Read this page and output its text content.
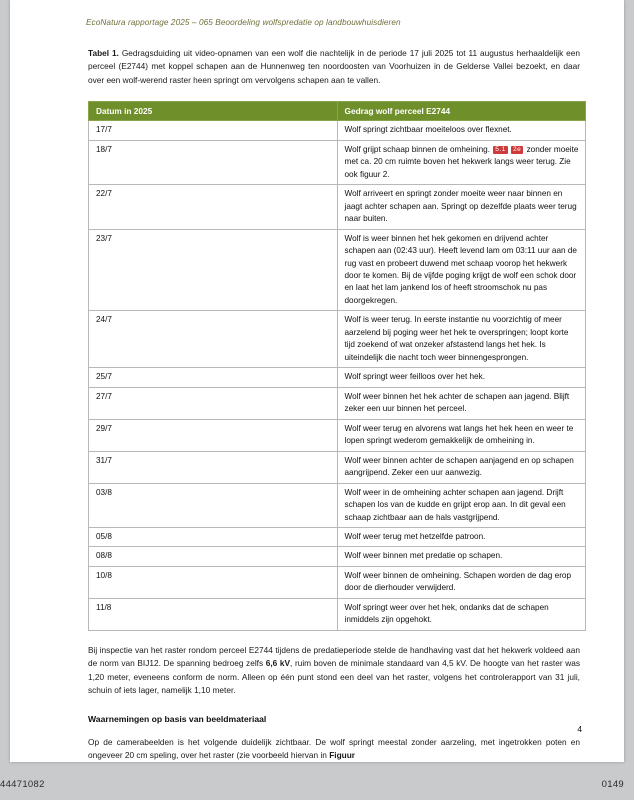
EcoNatura rapportage 2025 – 065 Beoordeling wolfspredatie op landbouwhuisdieren
Tabel 1. Gedragsduiding uit video-opnamen van een wolf die nachtelijk in de periode 17 juli 2025 tot 11 augustus herhaaldelijk een perceel (E2744) met koppel schapen aan de Hunnenweg ten noordoosten van Voorhuizen in de Gelderse Vallei bezoekt, en daar over een wolf-werend raster heen springt om vervolgens schapen aan te vallen.
Datum in 2025	Gedrag wolf perceel E2744
17/7	Wolf springt zichtbaar moeiteloos over flexnet.
18/7	Wolf grijpt schaap binnen de omheining. 5.1 2e zonder moeite met ca. 20 cm ruimte boven het hekwerk langs weer terug. Zie ook figuur 2.
22/7	Wolf arriveert en springt zonder moeite weer naar binnen en jaagt achter schapen aan. Springt op dezelfde plaats weer terug naar buiten.
23/7	Wolf is weer binnen het hek gekomen en drijvend achter schapen aan (02:43 uur). Heeft levend lam om 03:11 uur aan de rug vast en probeert duwend met schaap voorop het hekwerk door te komen. Bij de vijfde poging krijgt de wolf een schok door en laat het lam jankend los of heeft stroomschok nu pas doorgekregen.
24/7	Wolf is weer terug. In eerste instantie nu voorzichtig of meer aarzelend bij poging weer het hek te overspringen; loopt korte tijd zoekend of wat onzeker afstastend langs het hek. Is uiteindelijk die nacht toch weer binnengesprongen.
25/7	Wolf springt weer feilloos over het hek.
27/7	Wolf weer binnen het hek achter de schapen aan jagend. Blijft zeker een uur binnen het perceel.
29/7	Wolf weer terug en alvorens wat langs het hek heen en weer te lopen springt wederom gemakkelijk de omheining in.
31/7	Wolf weer binnen achter de schapen aanjagend en op schapen aangrijpend. Zeker een uur aanwezig.
03/8	Wolf weer in de omheining achter schapen aan jagend. Drijft schapen los van de kudde en grijpt erop aan. In dit geval een schaap zichtbaar aan de hals vastgrijpend.
05/8	Wolf weer terug met hetzelfde patroon.
08/8	Wolf weer binnen met predatie op schapen.
10/8	Wolf weer binnen de omheining. Schapen worden de dag erop door de dierhouder verwijderd.
11/8	Wolf springt weer over het hek, ondanks dat de schapen inmiddels zijn opgehokt.

Bij inspectie van het raster rondom perceel E2744 tijdens de predatieperiode stelde de handhaving vast dat het hekwerk voldeed aan de norm van BIJ12. De spanning bedroeg zelfs 6,6 kV, ruim boven de minimale standaard van 4,5 kV. De hoogte van het raster was 1,20 meter, eveneens conform de norm. Alleen op één punt stond een deel van het raster, volgens het controlerapport van 31 juli, schuin of iets lager, namelijk 1,10 meter.

Waarnemingen op basis van beeldmateriaal

Op de camerabeelden is het volgende duidelijk zichtbaar. De wolf springt meestal zonder aarzeling, met ingetrokken poten en ongeveer 20 cm speling, over het raster (zie voorbeeld hiervan in Figuur

4
44471082	0149
